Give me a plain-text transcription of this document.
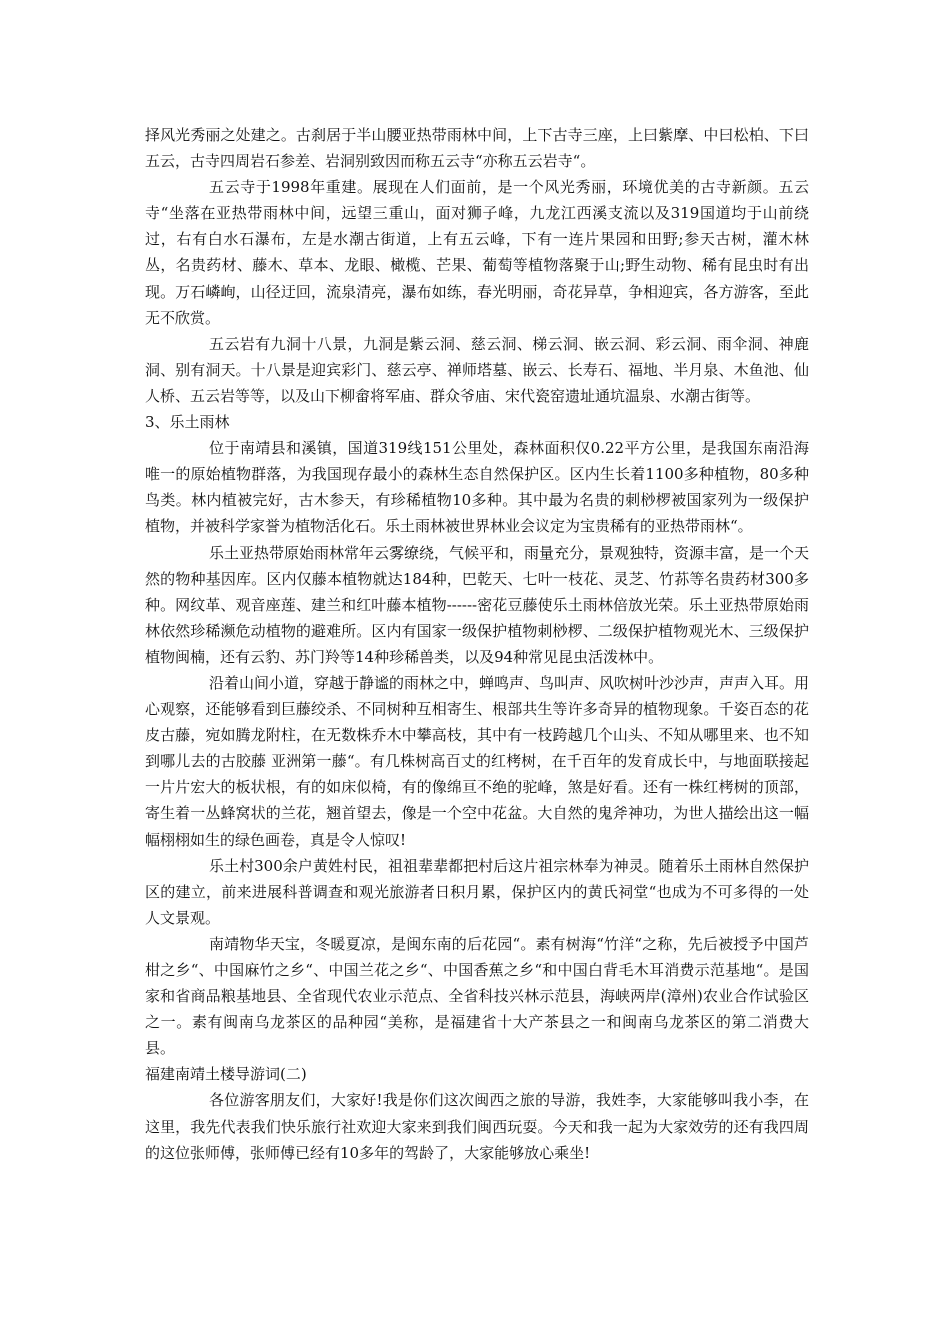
择风光秀丽之处建之。古刹居于半山腰亚热带雨林中间，上下古寺三座，上曰紫摩、中曰松柏、下曰五云，古寺四周岩石参差、岩洞别致因而称五云寺“亦称五云岩寺“。

五云寺于1998年重建。展现在人们面前，是一个风光秀丽，环境优美的古寺新颜。五云寺“坐落在亚热带雨林中间，远望三重山，面对狮子峰，九龙江西溪支流以及319国道均于山前绕过，右有白水石瀑布，左是水潮古街道，上有五云峰，下有一连片果园和田野;参天古树，灌木林丛，名贵药材、藤木、草本、龙眼、橄榄、芒果、葡萄等植物落聚于山;野生动物、稀有昆虫时有出现。万石嶙峋，山径迂回，流泉清亮，瀑布如练，春光明丽，奇花异草，争相迎宾，各方游客，至此无不欣赏。

五云岩有九洞十八景，九洞是紫云洞、慈云洞、梯云洞、嵌云洞、彩云洞、雨伞洞、神鹿洞、别有洞天。十八景是迎宾彩门、慈云亭、禅师塔墓、嵌云、长寿石、福地、半月泉、木鱼池、仙人桥、五云岩等等，以及山下柳畲将军庙、群众爷庙、宋代瓷窑遗址通坑温泉、水潮古街等。

3、乐土雨林

位于南靖县和溪镇，国道319线151公里处，森林面积仅0.22平方公里，是我国东南沿海唯一的原始植物群落，为我国现存最小的森林生态自然保护区。区内生长着1100多种植物，80多种鸟类。林内植被完好，古木参天，有珍稀植物10多种。其中最为名贵的刺桫椤被国家列为一级保护植物，并被科学家誉为植物活化石。乐土雨林被世界林业会议定为宝贵稀有的亚热带雨林“。

乐土亚热带原始雨林常年云雾缭绕，气候平和，雨量充分，景观独特，资源丰富，是一个天然的物种基因库。区内仅藤本植物就达184种，巴乾天、七叶一枝花、灵芝、竹荪等名贵药材300多种。网纹革、观音座莲、建兰和红叶藤本植物------密花豆藤使乐土雨林倍放光荣。乐土亚热带原始雨林依然珍稀濒危动植物的避难所。区内有国家一级保护植物刺桫椤、二级保护植物观光木、三级保护植物闽楠，还有云豹、苏门羚等14种珍稀兽类，以及94种常见昆虫活泼林中。

沿着山间小道，穿越于静谧的雨林之中，蝉鸣声、鸟叫声、风吹树叶沙沙声，声声入耳。用心观察，还能够看到巨藤绞杀、不同树种互相寄生、根部共生等许多奇异的植物现象。千姿百态的花皮古藤，宛如腾龙附柱，在无数株乔木中攀高枝，其中有一枝跨越几个山头、不知从哪里来、也不知到哪儿去的古胶藤 亚洲第一藤“。有几株树高百丈的红栲树，在千百年的发育成长中，与地面联接起一片片宏大的板状根，有的如床似椅，有的像绵亘不绝的驼峰，煞是好看。还有一株红栲树的顶部，寄生着一丛蜂窝状的兰花，翘首望去，像是一个空中花盆。大自然的鬼斧神功，为世人描绘出这一幅幅栩栩如生的绿色画卷，真是令人惊叹!

乐土村300余户黄姓村民，祖祖辈辈都把村后这片祖宗林奉为神灵。随着乐土雨林自然保护区的建立，前来进展科普调查和观光旅游者日积月累，保护区内的黄氏祠堂“也成为不可多得的一处人文景观。

南靖物华天宝，冬暖夏凉，是闽东南的后花园“。素有树海“竹洋“之称，先后被授予中国芦柑之乡“、中国麻竹之乡“、中国兰花之乡“、中国香蕉之乡“和中国白背毛木耳消费示范基地“。是国家和省商品粮基地县、全省现代农业示范点、全省科技兴林示范县，海峡两岸(漳州)农业合作试验区之一。素有闽南乌龙茶区的品种园“美称，是福建省十大产茶县之一和闽南乌龙茶区的第二消费大县。

福建南靖土楼导游词(二)

各位游客朋友们，大家好!我是你们这次闽西之旅的导游，我姓李，大家能够叫我小李，在这里，我先代表我们快乐旅行社欢迎大家来到我们闽西玩耍。今天和我一起为大家效劳的还有我四周的这位张师傅，张师傅已经有10多年的驾龄了，大家能够放心乘坐!
